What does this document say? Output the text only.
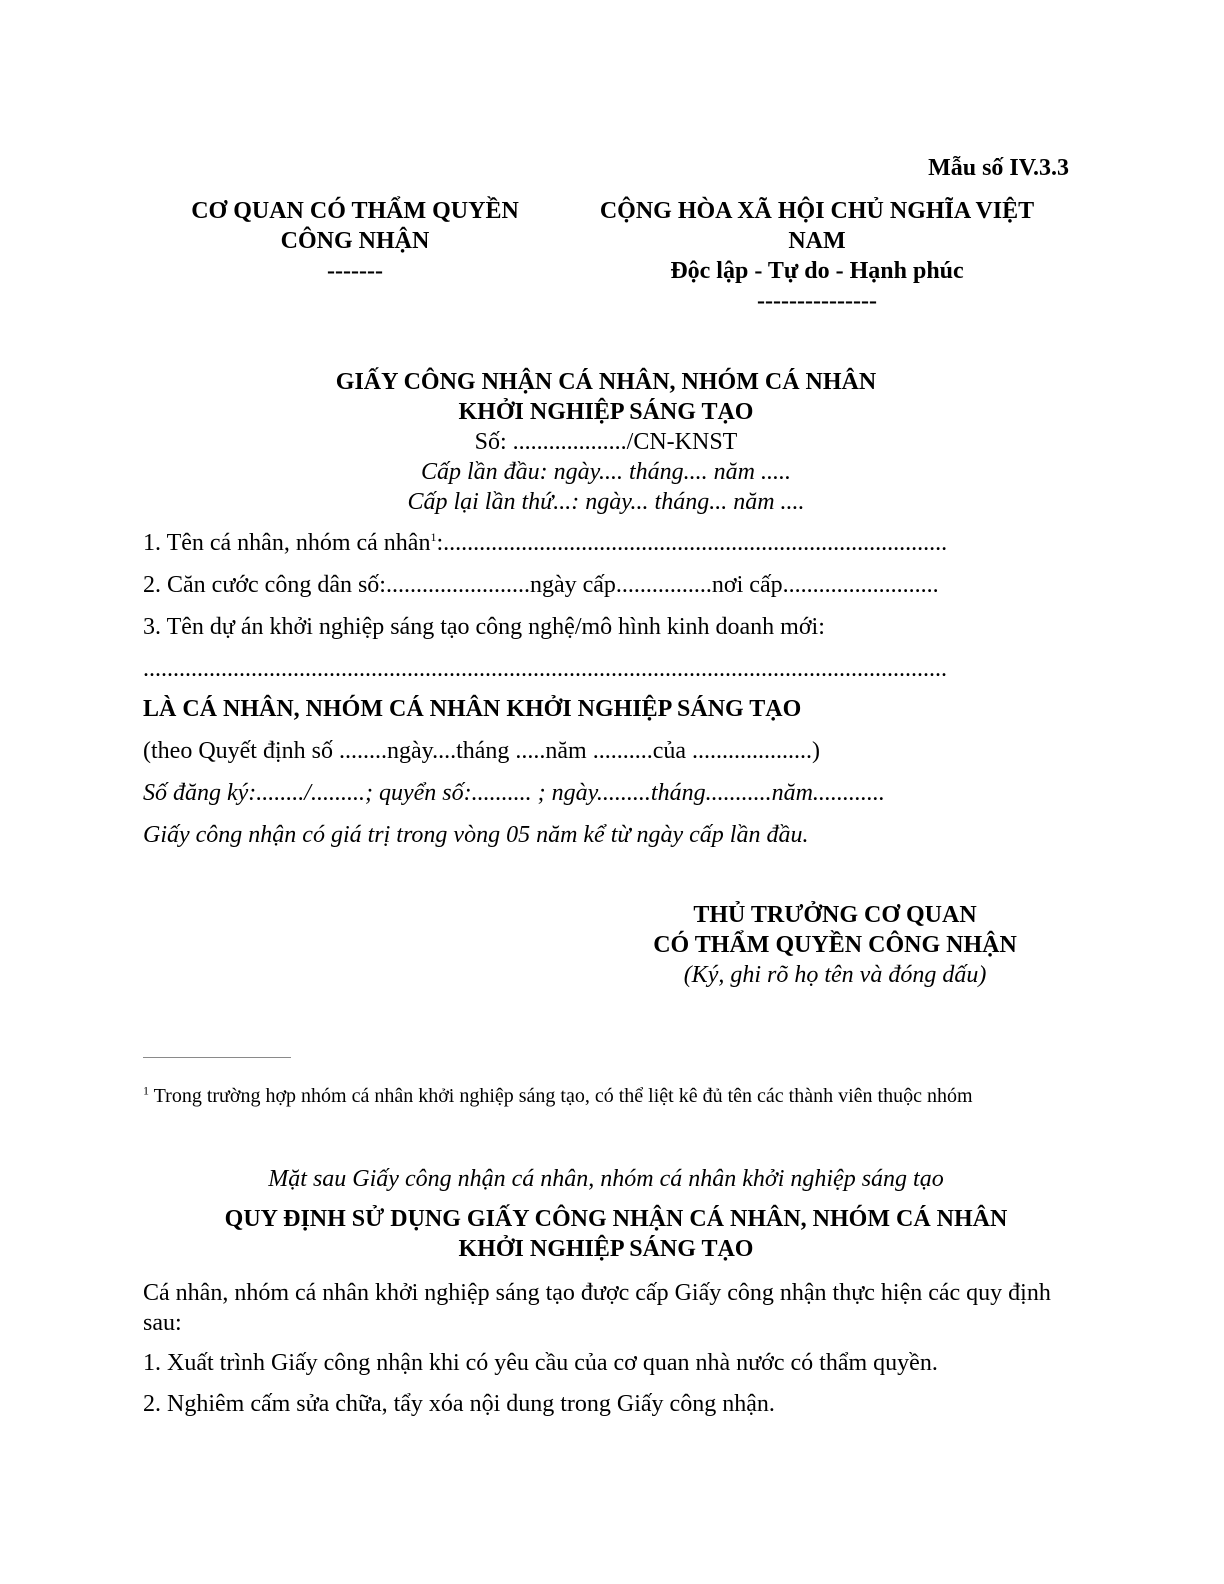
Mẫu số IV.3.3
CƠ QUAN CÓ THẨM QUYỀN
CÔNG NHẬN
-------
CỘNG HÒA XÃ HỘI CHỦ NGHĨA VIỆT
NAM
Độc lập - Tự do - Hạnh phúc
---------------
GIẤY CÔNG NHẬN CÁ NHÂN, NHÓM CÁ NHÂN
KHỞI NGHIỆP SÁNG TẠO
Số: .................../CN-KNST
Cấp lần đầu: ngày.... tháng.... năm .....
Cấp lại lần thứ...: ngày... tháng... năm ....
1. Tên cá nhân, nhóm cá nhân$^1$:....................................................................................
2. Căn cước công dân số:........................ngày cấp................nơi cấp..........................
3. Tên dự án khởi nghiệp sáng tạo công nghệ/mô hình kinh doanh mới:
......................................................................................................................................
LÀ CÁ NHÂN, NHÓM CÁ NHÂN KHỞI NGHIỆP SÁNG TẠO
(theo Quyết định số ........ngày....tháng .....năm ..........của ....................)
Số đăng ký:......../.........; quyển số:.......... ; ngày.........tháng...........năm............
Giấy công nhận có giá trị trong vòng 05 năm kể từ ngày cấp lần đầu.
THỦ TRƯỞNG CƠ QUAN
CÓ THẨM QUYỀN CÔNG NHẬN
(Ký, ghi rõ họ tên và đóng dấu)
$^1$ Trong trường hợp nhóm cá nhân khởi nghiệp sáng tạo, có thể liệt kê đủ tên các thành viên thuộc nhóm
Mặt sau Giấy công nhận cá nhân, nhóm cá nhân khởi nghiệp sáng tạo
QUY ĐỊNH SỬ DỤNG GIẤY CÔNG NHẬN CÁ NHÂN, NHÓM CÁ NHÂN
KHỞI NGHIỆP SÁNG TẠO
Cá nhân, nhóm cá nhân khởi nghiệp sáng tạo được cấp Giấy công nhận thực hiện các quy định sau:
1. Xuất trình Giấy công nhận khi có yêu cầu của cơ quan nhà nước có thẩm quyền.
2. Nghiêm cấm sửa chữa, tẩy xóa nội dung trong Giấy công nhận.
